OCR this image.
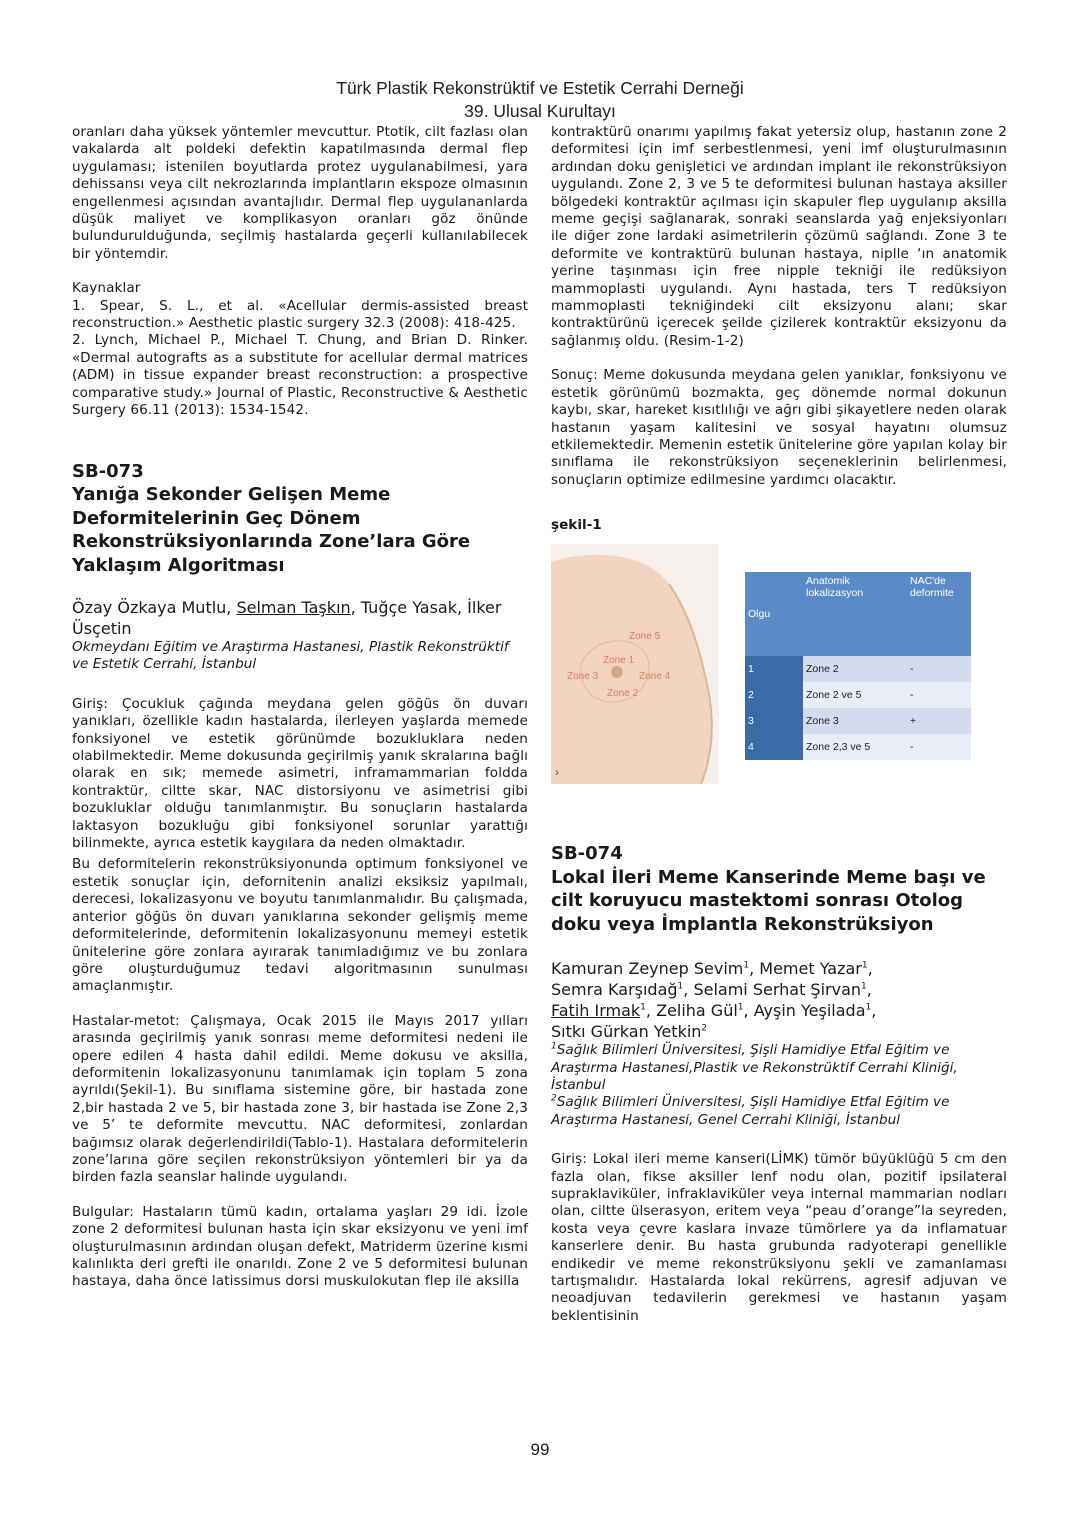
Türk Plastik Rekonstrüktif ve Estetik Cerrahi Derneği
39. Ulusal Kurultayı

oranları daha yüksek yöntemler mevcuttur. Ptotik, cilt fazlası olan vakalarda alt poldeki defektin kapatılmasında dermal flep uygulaması; istenilen boyutlarda protez uygulanabilmesi, yara dehissansı veya cilt nekrozlarında implantların ekspoze olmasının engellenmesi açısından avantajlıdır. Dermal flep uygulananlarda düşük maliyet ve komplikasyon oranları göz önünde bulundurulduğunda, seçilmiş hastalarda geçerli kullanılabilecek bir yöntemdir.

Kaynaklar

1. Spear, S. L., et al. «Acellular dermis-assisted breast reconstruction.» Aesthetic plastic surgery 32.3 (2008): 418-425.

2. Lynch, Michael P., Michael T. Chung, and Brian D. Rinker. «Dermal autografts as a substitute for acellular dermal matrices (ADM) in tissue expander breast reconstruction: a prospective comparative study.» Journal of Plastic, Reconstructive & Aesthetic Surgery 66.11 (2013): 1534-1542.

SB-073
Yanığa Sekonder Gelişen Meme Deformitelerinin Geç Dönem Rekonstrüksiyonlarında Zone’lara Göre Yaklaşım Algoritması
Özay Özkaya Mutlu, Selman Taşkın, Tuğçe Yasak, İlker Üsçetin
Okmeydanı Eğitim ve Araştırma Hastanesi, Plastik Rekonstrüktif ve Estetik Cerrahi, İstanbul

Giriş: Çocukluk çağında meydana gelen göğüs ön duvarı yanıkları, özellikle kadın hastalarda, ilerleyen yaşlarda memede fonksiyonel ve estetik görünümde bozukluklara neden olabilmektedir. Meme dokusunda geçirilmiş yanık skralarına bağlı olarak en sık; memede asimetri, inframammarian foldda kontraktür, ciltte skar, NAC distorsiyonu ve asimetrisi gibi bozukluklar olduğu tanımlanmıştır. Bu sonuçların hastalarda laktasyon bozukluğu gibi fonksiyonel sorunlar yarattığı bilinmekte, ayrıca estetik kaygılara da neden olmaktadır.

Bu deformitelerin rekonstrüksiyonunda optimum fonksiyonel ve estetik sonuçlar için, defornitenin analizi eksiksiz yapılmalı, derecesi, lokalizasyonu ve boyutu tanımlanmalıdır. Bu çalışmada, anterior göğüs ön duvarı yanıklarına sekonder gelişmiş meme deformitelerinde, deformitenin lokalizasyonunu memeyi estetik ünitelerine göre zonlara ayırarak tanımladığımız ve bu zonlara göre oluşturduğumuz tedavi algoritmasının sunulması amaçlanmıştır.

Hastalar-metot: Çalışmaya, Ocak 2015 ile Mayıs 2017 yılları arasında geçirilmiş yanık sonrası meme deformitesi nedeni ile opere edilen 4 hasta dahil edildi. Meme dokusu ve aksilla, deformitenin lokalizasyonunu tanımlamak için toplam 5 zona ayrıldı(Şekil-1). Bu sınıflama sistemine göre, bir hastada zone 2,bir hastada 2 ve 5, bir hastada zone 3, bir hastada ise Zone 2,3 ve 5’ te deformite mevcuttu. NAC deformitesi, zonlardan bağımsız olarak değerlendirildi(Tablo-1). Hastalara deformitelerin zone’larına göre seçilen rekonstrüksiyon yöntemleri bir ya da birden fazla seanslar halinde uygulandı.

Bulgular: Hastaların tümü kadın, ortalama yaşları 29 idi. İzole zone 2 deformitesi bulunan hasta için skar eksizyonu ve yeni imf oluşturulmasının ardından oluşan defekt, Matriderm üzerine kısmi kalınlıkta deri grefti ile onarıldı. Zone 2 ve 5 deformitesi bulunan hastaya, daha önce latissimus dorsi muskulokutan flep ile aksilla

kontraktürü onarımı yapılmış fakat yetersiz olup, hastanın zone 2 deformitesi için imf serbestlenmesi, yeni imf oluşturulmasının ardından doku genişletici ve ardından implant ile rekonstrüksiyon uygulandı. Zone 2, 3 ve 5 te deformitesi bulunan hastaya aksiller bölgedeki kontraktür açılması için skapuler flep uygulanıp aksilla meme geçişi sağlanarak, sonraki seanslarda yağ enjeksiyonları ile diğer zone lardaki asimetrilerin çözümü sağlandı. Zone 3 te deformite ve kontraktürü bulunan hastaya, niplle ‘ın anatomik yerine taşınması için free nipple tekniği ile redüksiyon mammoplasti uygulandı. Aynı hastada, ters T redüksiyon mammoplasti tekniğindeki cilt eksizyonu alanı; skar kontraktürünü içerecek şeilde çizilerek kontraktür eksizyonu da sağlanmış oldu. (Resim-1-2)

Sonuç: Meme dokusunda meydana gelen yanıklar, fonksiyonu ve estetik görünümü bozmakta, geç dönemde normal dokunun kaybı, skar, hareket kısıtlılığı ve ağrı gibi şikayetlere neden olarak hastanın yaşam kalitesini ve sosyal hayatını olumsuz etkilemektedir. Memenin estetik ünitelerine göre yapılan kolay bir sınıflama ile rekonstrüksiyon seçeneklerinin belirlenmesi, sonuçların optimize edilmesine yardımcı olacaktır.

şekil-1
Zone 5
Zone 1
Zone 3	Zone 4
Zone 2
›
Olgu	Anatomik lokalizasyon	NAC'de deformite
1	Zone 2	-
2	Zone 2 ve 5	-
3	Zone 3	+
4	Zone 2,3 ve 5	-
SB-074
Lokal İleri Meme Kanserinde Meme başı ve cilt koruyucu mastektomi sonrası Otolog doku veya İmplantla Rekonstrüksiyon
Kamuran Zeynep Sevim$^1$, Memet Yazar$^1$,
Semra Karşıdağ$^1$, Selami Serhat Şirvan$^1$,
Fatih Irmak$^1$, Zeliha Gül$^1$, Ayşin Yeşilada$^1$,
Sıtkı Gürkan Yetkin$^2$
$^1$Sağlık Bilimleri Üniversitesi, Şişli Hamidiye Etfal Eğitim ve Araştırma Hastanesi,Plastik ve Rekonstrüktif Cerrahi Kliniği, İstanbul
$^2$Sağlık Bilimleri Üniversitesi, Şişli Hamidiye Etfal Eğitim ve Araştırma Hastanesi, Genel Cerrahi Kliniği, İstanbul

Giriş: Lokal ileri meme kanseri(LİMK) tümör büyüklüğü 5 cm den fazla olan, fikse aksiller lenf nodu olan, pozitif ipsilateral supraklaviküler, infraklaviküler veya internal mammarian nodları olan, ciltte ülserasyon, eritem veya “peau d’orange”la seyreden, kosta veya çevre kaslara invaze tümörlere ya da inflamatuar kanserlere denir. Bu hasta grubunda radyoterapi genellikle endikedir ve meme rekonstrüksiyonu şekli ve zamanlaması tartışmalıdır. Hastalarda lokal rekürrens, agresif adjuvan ve neoadjuvan tedavilerin gerekmesi ve hastanın yaşam beklentisinin

99
